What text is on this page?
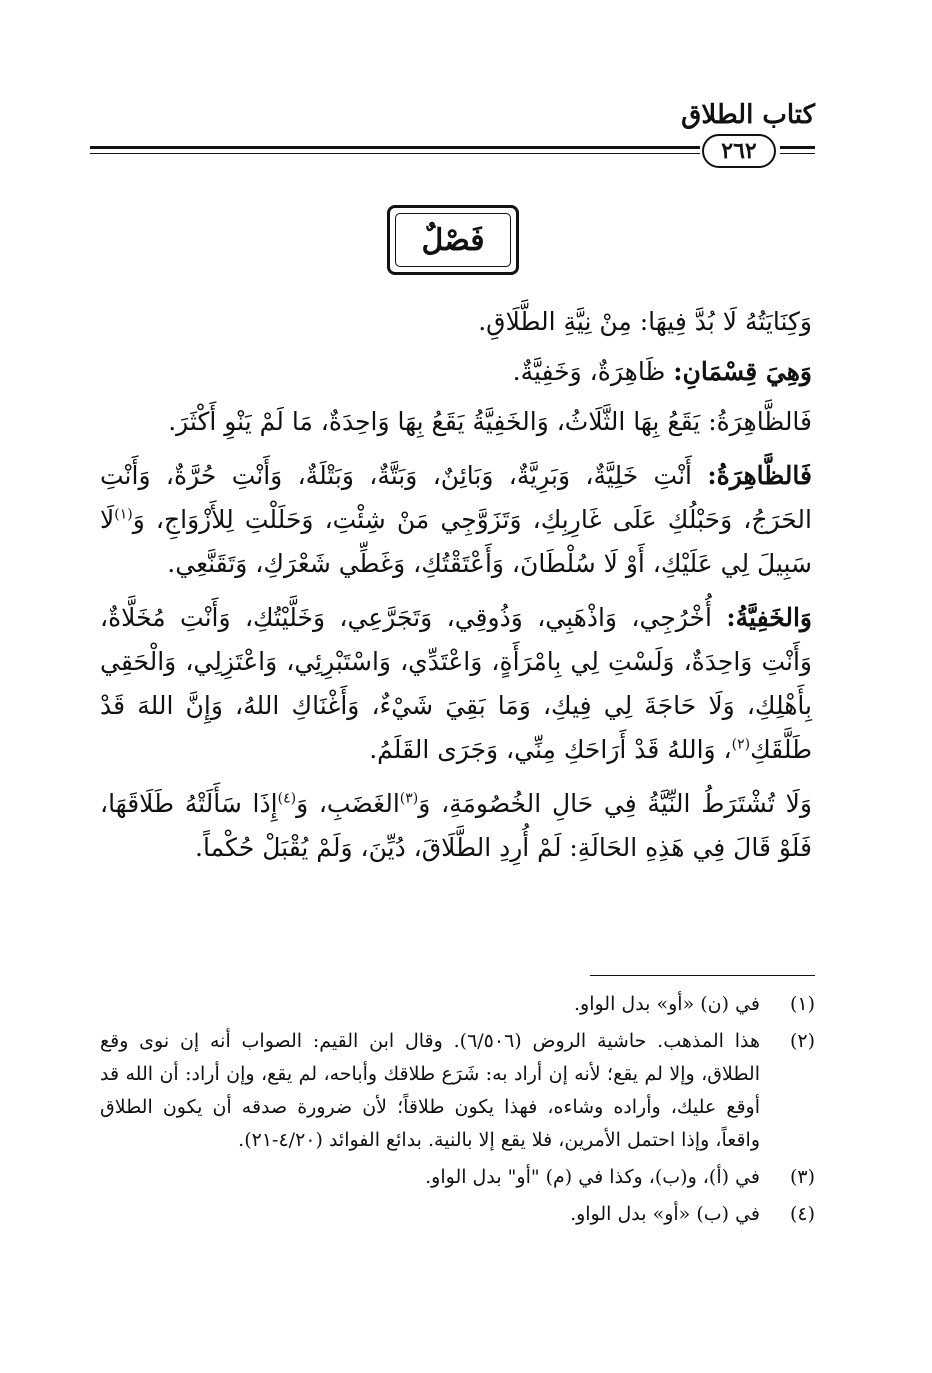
كتاب الطلاق
٢٦٢
فَصْلٌ

وَكِنَايَتُهُ لَا بُدَّ فِيهَا: مِنْ نِيَّةِ الطَّلَاقِ.

وَهِيَ قِسْمَانِ: ظَاهِرَةٌ، وَخَفِيَّةٌ.

فَالظَّاهِرَةُ: يَقَعُ بِهَا الثَّلَاثُ، وَالخَفِيَّةُ يَقَعُ بِهَا وَاحِدَةٌ، مَا لَمْ يَنْوِ أَكْثَرَ.

فَالظَّاهِرَةُ: أَنْتِ خَلِيَّةٌ، وَبَرِيَّةٌ، وَبَائِنٌ، وَبَتَّةٌ، وَبَتْلَةٌ، وَأَنْتِ حُرَّةٌ، وَأَنْتِ الحَرَجُ، وَحَبْلُكِ عَلَى غَارِبِكِ، وَتَزَوَّجِي مَنْ شِئْتِ، وَحَلَلْتِ لِلأَزْوَاجِ، وَ$^{(١)}$لَا سَبِيلَ لِي عَلَيْكِ، أَوْ لَا سُلْطَانَ، وَأَعْتَقْتُكِ، وَغَطِّي شَعْرَكِ، وَتَقَنَّعِي.

وَالخَفِيَّةُ: أُخْرُجِي، وَاذْهَبِي، وَذُوقِي، وَتَجَرَّعِي، وَخَلَّيْتُكِ، وَأَنْتِ مُخَلَّاةٌ، وَأَنْتِ وَاحِدَةٌ، وَلَسْتِ لِي بِامْرَأَةٍ، وَاعْتَدِّي، وَاسْتَبْرِئِي، وَاعْتَزِلِي، وَالْحَقِي بِأَهْلِكِ، وَلَا حَاجَةَ لِي فِيكِ، وَمَا بَقِيَ شَيْءٌ، وَأَغْنَاكِ اللهُ، وَإِنَّ اللهَ قَدْ طَلَّقَكِ$^{(٢)}$، وَاللهُ قَدْ أَرَاحَكِ مِنِّي، وَجَرَى القَلَمُ.

وَلَا تُشْتَرَطُ النِّيَّةُ فِي حَالِ الخُصُومَةِ، وَ$^{(٣)}$الغَضَبِ، وَ$^{(٤)}$إِذَا سَأَلَتْهُ طَلَاقَهَا، فَلَوْ قَالَ فِي هَذِهِ الحَالَةِ: لَمْ أُرِدِ الطَّلَاقَ، دُيِّنَ، وَلَمْ يُقْبَلْ حُكْماً.

(١)
في (ن) «أو» بدل الواو.
(٢)
هذا المذهب. حاشية الروض (٦/٥٠٦). وقال ابن القيم: الصواب أنه إن نوى وقع الطلاق، وإلا لم يقع؛ لأنه إن أراد به: شَرَع طلاقك وأباحه، لم يقع، وإن أراد: أن الله قد أوقع عليك، وأراده وشاءه، فهذا يكون طلاقاً؛ لأن ضرورة صدقه أن يكون الطلاق واقعاً، وإذا احتمل الأمرين، فلا يقع إلا بالنية. بدائع الفوائد (٤/٢٠-٢١).
(٣)
في (أ)، و(ب)، وكذا في (م) "أو" بدل الواو.
(٤)
في (ب) «أو» بدل الواو.
